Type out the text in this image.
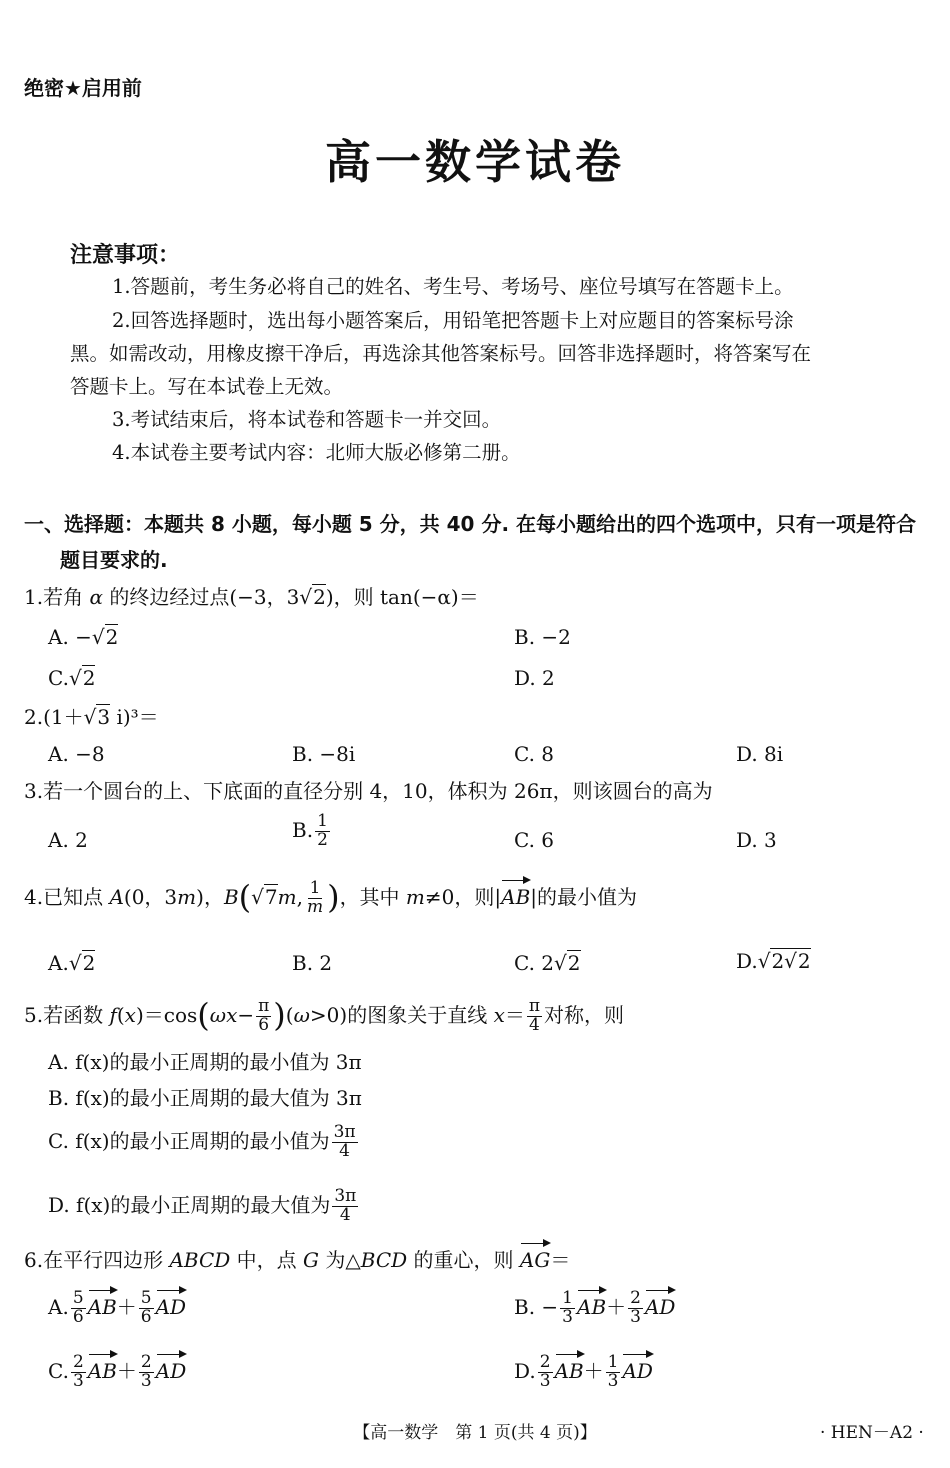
绝密★启用前
高一数学试卷
注意事项：
1.答题前，考生务必将自己的姓名、考生号、考场号、座位号填写在答题卡上。
2.回答选择题时，选出每小题答案后，用铅笔把答题卡上对应题目的答案标号涂
黑。如需改动，用橡皮擦干净后，再选涂其他答案标号。回答非选择题时，将答案写在
答题卡上。写在本试卷上无效。
3.考试结束后，将本试卷和答题卡一并交回。
4.本试卷主要考试内容：北师大版必修第二册。
一、选择题：本题共 8 小题，每小题 5 分，共 40 分. 在每小题给出的四个选项中，只有一项是符合
题目要求的.
1.若角 α 的终边经过点(−3，3√2)，则 tan(−α)＝
A. −√2	B. −2
C.√2	D. 2
2.(1＋√3 i)³＝
A. −8	B. −8i	C. 8	D. 8i
3.若一个圆台的上、下底面的直径分别 4，10，体积为 26π，则该圆台的高为
A. 2	B. $\frac{1}{2}$	C. 6	D. 3
4.已知点 A(0，3m)，B(√7m, $\frac{1}{m}$ )，其中 m≠0，则|AB|的最小值为
A.√2	B. 2	C. 2√2	D.√2√2
5.若函数 $f(x)=\cos(\omega x- \frac{\pi}{6} )(\omega>0)$的图象关于直线 $x= \frac{\pi}{4}$ 对称，则
A. f(x)的最小正周期的最小值为 3π
B. f(x)的最小正周期的最大值为 3π
C. f(x)的最小正周期的最小值为 $\frac{3\pi}{4}$
D. f(x)的最小正周期的最大值为 $\frac{3\pi}{4}$
6.在平行四边形 ABCD 中，点 G 为△BCD 的重心，则 AG＝
A. $\frac{5}{6} AB+ \frac{5}{6}$ AD	B. − $\frac{1}{3} AB+ \frac{2}{3}$ AD
C. $\frac{2}{3} AB+ \frac{2}{3}$ AD	D. $\frac{2}{3} AB+ \frac{1}{3}$ AD
【高一数学　第 1 页(共 4 页)】	· HEN－A2 ·
